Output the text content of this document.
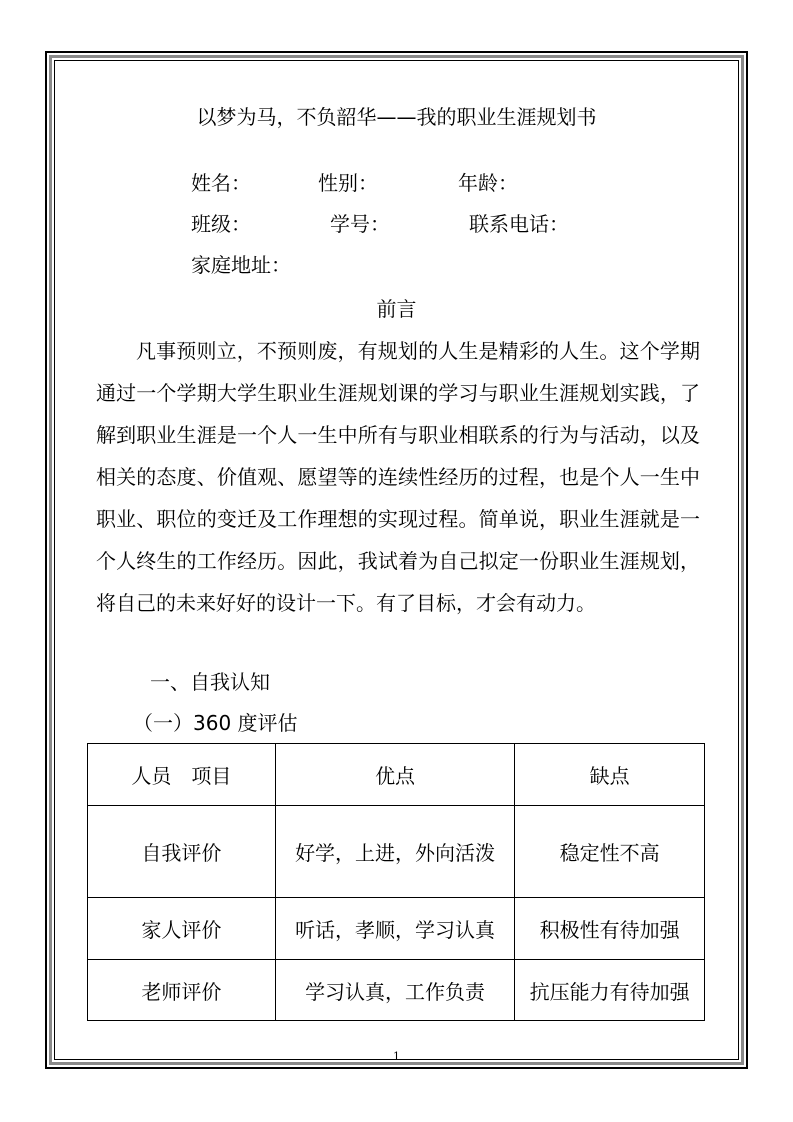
以梦为马，不负韶华——我的职业生涯规划书
姓名：	性别：	年龄：
班级：	学号：	联系电话：
家庭地址：
前言
凡事预则立，不预则废，有规划的人生是精彩的人生。这个学期通过一个学期大学生职业生涯规划课的学习与职业生涯规划实践，了解到职业生涯是一个人一生中所有与职业相联系的行为与活动，以及相关的态度、价值观、愿望等的连续性经历的过程，也是个人一生中职业、职位的变迁及工作理想的实现过程。简单说，职业生涯就是一个人终生的工作经历。因此，我试着为自己拟定一份职业生涯规划，将自己的未来好好的设计一下。有了目标，才会有动力。
一、自我认知
（一）360 度评估
人员　项目	优点	缺点
自我评价	好学，上进，外向活泼	稳定性不高
家人评价	听话，孝顺，学习认真	积极性有待加强
老师评价	学习认真，工作负责	抗压能力有待加强
1
